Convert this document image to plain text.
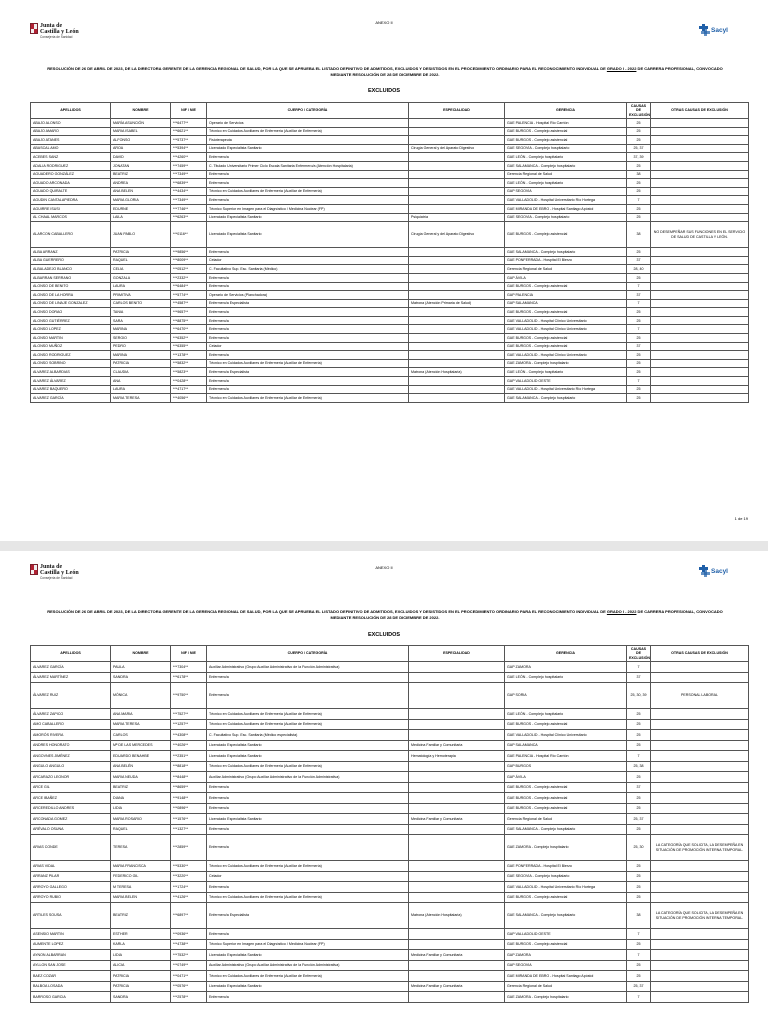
Junta de
Castilla y León
Consejería de Sanidad
ANEXO II
Sacyl
RESOLUCIÓN DE 26 DE ABRIL DE 2023, DE LA DIRECTORA GERENTE DE LA GERENCIA REGIONAL DE SALUD, POR LA QUE SE APRUEBA EL LISTADO DEFINITIVO DE ADMITIDOS, EXCLUIDOS Y DESISTIDOS EN EL PROCEDIMIENTO ORDINARIO PARA EL RECONOCIMIENTO INDIVIDUAL DE GRADO I - 2022 DE CARRERA PROFESIONAL, CONVOCADO MEDIANTE RESOLUCIÓN DE 28 DE DICIEMBRE DE 2022.
EXCLUIDOS
APELLIDOS	NOMBRE	NIF / NIE	CUERPO / CATEGORÍA	ESPECIALIDAD	GERENCIA	CAUSAS DE EXCLUSIÓN	OTRAS CAUSAS DE EXCLUSIÓN
ABAJO ALONSO	MARÍA ASUNCIÓN	***6477**	Operario de Servicios		GAE PALENCIA - Hospital Río Carrión	25	
ABAJO AMARO	MARIA ISABEL	***6621**	Técnico en Cuidados Auxiliares de Enfermería (Auxiliar de Enfermería)		GAE BURGOS - Complejo asistencial	25	
ABAJO ATANES	ALFONSO	***5737**	Fisioterapeuta		GAE BURGOS - Complejo asistencial	25	
ABASCAL AMO	AROA	***5394**	Licenciado Especialista Sanitario	Cirugía General y del Aparato Digestivo	GAE SEGOVIA - Complejo hospitalario	25, 37	
ACEBES SANZ	DAVID	***4260**	Enfermero/a		GAE LEÓN - Complejo hospitalario	37, 39	
ADALIA RODRIGUEZ	JONATAN	***7459**	C. Titulado Universitario Primer Ciclo Escala Sanitaria Enfermero/a (Atención Hospitalaria)		GAE SALAMANCA - Complejo hospitalario	25	
AGUADERO GONZÁLEZ	BEATRIZ	***7349**	Enfermero/a		Gerencia Regional de Salud	38	
AGUADO ARCONADA	ANDREA	***6839**	Enfermero/a		GAE LEÓN - Complejo hospitalario	25	
AGUADO QUIRALTE	ANA BELEN	***4434**	Técnico en Cuidados Auxiliares de Enfermería (Auxiliar de Enfermería)		GAP SEGOVIA	25	
AGUDIN CANTALAPIEDRA	MARIA GLORIA	***7349**	Enfermero/a		GAE VALLADOLID - Hospital Universitario Río Hortega	7	
AGUIRRE ISUSI	EDURNE	***7746**	Técnico Superior en Imagen para el Diagnóstico / Medicina Nuclear (FP)		GAE MIRANDA DE EBRO - Hospital Santiago Apóstol	25	
AL CHAAL MARCOS	LAILA	***6263**	Licenciado Especialista Sanitario	Psiquiatría	GAE SEGOVIA - Complejo hospitalario	25	
ALARCON CABALLERO	JUAN PABLO	***0116**	Licenciado Especialista Sanitario	Cirugía General y del Aparato Digestivo	GAE BURGOS - Complejo asistencial	38	NO DESEMPEÑAR SUS FUNCIONES EN EL SERVICIO DE SALUD DE CASTILLA Y LEÓN.
ALBA ARRANZ	PATRICIA	***9856**	Enfermero/a		GAE SALAMANCA - Complejo hospitalario	25	
ALBA GUERRERO	RAQUEL	***8009**	Celador		GAE PONFERRADA - Hospital El Bierzo	37	
ALBALADEJO BLANCO	CELIA	***0512**	C. Facultativo Sup. Esc. Sanitaria (Médico)		Gerencia Regional de Salud	28, 40	
ALBARRAN SERRANO	GONZALA	***2332**	Enfermero/a		GAP ÁVILA	25	
ALONSO DE BENITO	LAURA	***6484**	Enfermero/a		GAE BURGOS - Complejo asistencial	7	
ALONSO DE LA HORRA	PRIMITIVA	***5774**	Operario de Servicios (Planchadora)		GAP PALENCIA	37	
ALONSO DE LINAJE GONZALEZ	CARLOS BENITO	***4587**	Enfermero/a Especialista	Matrona (Atención Primaria de Salud)	GAP SALAMANCA	7	
ALONSO DORAO	TANIA	***9657**	Enfermero/a		GAE BURGOS - Complejo asistencial	25	
ALONSO GUTIÉRREZ	SARA	***8875**	Enfermero/a		GAE VALLADOLID - Hospital Clínico Universitario	25	
ALONSO LOPEZ	MARINA	***6470**	Enfermero/a		GAE VALLADOLID - Hospital Clínico Universitario	7	
ALONSO MARTIN	SERGIO	***6352**	Enfermero/a		GAE BURGOS - Complejo asistencial	25	
ALONSO MUÑOZ	PEDRO	***6355**	Celador		GAE BURGOS - Complejo asistencial	37	
ALONSO RODRIGUEZ	MARINA	***1378**	Enfermero/a		GAE VALLADOLID - Hospital Clínico Universitario	25	
ALONSO SOBRINO	PATRICIA	***5832**	Técnico en Cuidados Auxiliares de Enfermería (Auxiliar de Enfermería)		GAE ZAMORA - Complejo hospitalario	25	
ALVAREZ ALBARDIAS	CLAUDIA	***5823**	Enfermero/a Especialista	Matrona (Atención Hospitalaria)	GAE LEÓN - Complejo hospitalario	25	
ALVAREZ ÁLVAREZ	ANA	***0428**	Enfermero/a		GAP VALLADOLID OESTE	7	
ALVAREZ BAQUERO	LAURA	***4717**	Enfermero/a		GAE VALLADOLID - Hospital Universitario Río Hortega	25	
ALVAREZ GARCÍA	MARIA TERESA	***4056**	Técnico en Cuidados Auxiliares de Enfermería (Auxiliar de Enfermería)		GAE SALAMANCA - Complejo hospitalario	25	
1 de 19
Junta de
Castilla y León
Consejería de Sanidad
ANEXO II	Sacyl
RESOLUCIÓN DE 26 DE ABRIL DE 2023, DE LA DIRECTORA GERENTE DE LA GERENCIA REGIONAL DE SALUD, POR LA QUE SE APRUEBA EL LISTADO DEFINITIVO DE ADMITIDOS, EXCLUIDOS Y DESISTIDOS EN EL PROCEDIMIENTO ORDINARIO PARA EL RECONOCIMIENTO INDIVIDUAL DE GRADO I - 2022 DE CARRERA PROFESIONAL, CONVOCADO MEDIANTE RESOLUCIÓN DE 28 DE DICIEMBRE DE 2022.
EXCLUIDOS
APELLIDOS	NOMBRE	NIF / NIE	CUERPO / CATEGORÍA	ESPECIALIDAD	GERENCIA	CAUSAS DE EXCLUSIÓN	OTRAS CAUSAS DE EXCLUSIÓN
ALVAREZ GARCÍA	PAULA	***7304**	Auxiliar Administrativo (Grupo Auxiliar Administrativo de la Función Administrativa)		GAP ZAMORA	7	
ÁLVAREZ MARTÍNEZ	SANDRA	***6178**	Enfermero/a		GAE LEÓN - Complejo hospitalario	37	
ÁLVAREZ RUIZ	MÓNICA	***9750**	Enfermero/a		GAP SORIA	25, 30, 39	PERSONAL LABORAL
ÁLVAREZ ZAPICO	ANA MARIA	***7527**	Técnico en Cuidados Auxiliares de Enfermería (Auxiliar de Enfermería)		GAE LEÓN - Complejo hospitalario	25	
AMO CABALLERO	MARIA TERESA	***1257**	Técnico en Cuidados Auxiliares de Enfermería (Auxiliar de Enfermería)		GAE BURGOS - Complejo asistencial	25	
AMORÓS RIVERA	CARLOS	***4308**	C. Facultativo Sup. Esc. Sanitaria (Médico especialista)		GAE VALLADOLID - Hospital Clínico Universitario	25	
ANDRES HONORATO	Mª DE LAS MERCEDES	***4026**	Licenciado Especialista Sanitario	Medicina Familiar y Comunitaria	GAP SALAMANCA	25	
ANGOVNES JIMÉNEZ	EDUARDO BENAHBE	***2351**	Licenciado Especialista Sanitario	Hematología y Hemoterapia	GAE PALENCIA - Hospital Río Carrión	7	
ANGULO ANGULO	ANA BELÉN	***8818**	Técnico en Cuidados Auxiliares de Enfermería (Auxiliar de Enfermería)		GAP BURGOS	25, 38	
ARCARAZO LEONOR	MARIA NEUDA	***8448**	Auxiliar Administrativo (Grupo Auxiliar Administrativo de la Función Administrativa)		GAP ÁVILA	25	
ARCE GIL	BEATRIZ	***8659**	Enfermero/a		GAE BURGOS - Complejo asistencial	37	
ARCE IBAÑEZ	DIANA	***9148**	Enfermero/a		GAE BURGOS - Complejo asistencial	25	
ARCEREDILLO ANDRES	LIDIA	***0896**	Enfermero/a		GAE BURGOS - Complejo asistencial	25	
ARCONADA GOMEZ	MARIA ROSARIO	***1576**	Licenciado Especialista Sanitario	Medicina Familiar y Comunitaria	Gerencia Regional de Salud	25, 37	
ARÉVALO OSUNA	RAQUEL	***1327**	Enfermero/a		GAE SALAMANCA - Complejo hospitalario	25	
ARIAS CONDE	TERESA	***2859**	Enfermero/a		GAE ZAMORA - Complejo hospitalario	25, 30	LA CATEGORÍA QUE SOLICITA, LA DESEMPEÑA EN SITUACIÓN DE PROMOCIÓN INTERNA TEMPORAL.
ARIAS VIDAL	MARIA FRANCISCA	***5330**	Técnico en Cuidados Auxiliares de Enfermería (Auxiliar de Enfermería)		GAE PONFERRADA - Hospital El Bierzo	25	
ARRANZ PILAR	FEDERICO GIL	***3220**	Celador		GAE SEGOVIA - Complejo hospitalario	25	
ARROYO GALLEGO	M TERESA	***1724**	Enfermero/a		GAE VALLADOLID - Hospital Universitario Río Hortega	25	
ARROYO RUBIO	MARIA BELEN	***4126**	Técnico en Cuidados Auxiliares de Enfermería (Auxiliar de Enfermería)		GAE BURGOS - Complejo asistencial	25	
ARTILES SOUSA	BEATRIZ	***6897**	Enfermero/a Especialista	Matrona (Atención Hospitalaria)	GAE SALAMANCA - Complejo hospitalario	38	LA CATEGORÍA QUE SOLICITA, LA DESEMPEÑA EN SITUACIÓN DE PROMOCIÓN INTERNA TEMPORAL.
ASENSIO MARTIN	ESTHER	***0936**	Enfermero/a		GAP VALLADOLID OESTE	7	
AUMENTE LOPEZ	KARLA	***4738**	Técnico Superior en Imagen para el Diagnóstico / Medicina Nuclear (FP)		GAE BURGOS - Complejo asistencial	25	
AYNON ALBARRAN	LIDIA	***7532**	Licenciado Especialista Sanitario	Medicina Familiar y Comunitaria	GAP ZAMORA	7	
AYLLON SAN JOSE	ALICIA	***0749**	Auxiliar Administrativo (Grupo Auxiliar Administrativo de la Función Administrativa)		GAP SEGOVIA	25	
BAEZ COZAR	PATRICIA	***0471**	Técnico en Cuidados Auxiliares de Enfermería (Auxiliar de Enfermería)		GAE MIRANDA DE EBRO - Hospital Santiago Apóstol	25	
BALBOA LOSADA	PATRICIA	***0576**	Licenciado Especialista Sanitario	Medicina Familiar y Comunitaria	Gerencia Regional de Salud	25, 37	
BARROSO GARCIA	SANDRA	***2578**	Enfermero/a		GAE ZAMORA - Complejo hospitalario	7	
